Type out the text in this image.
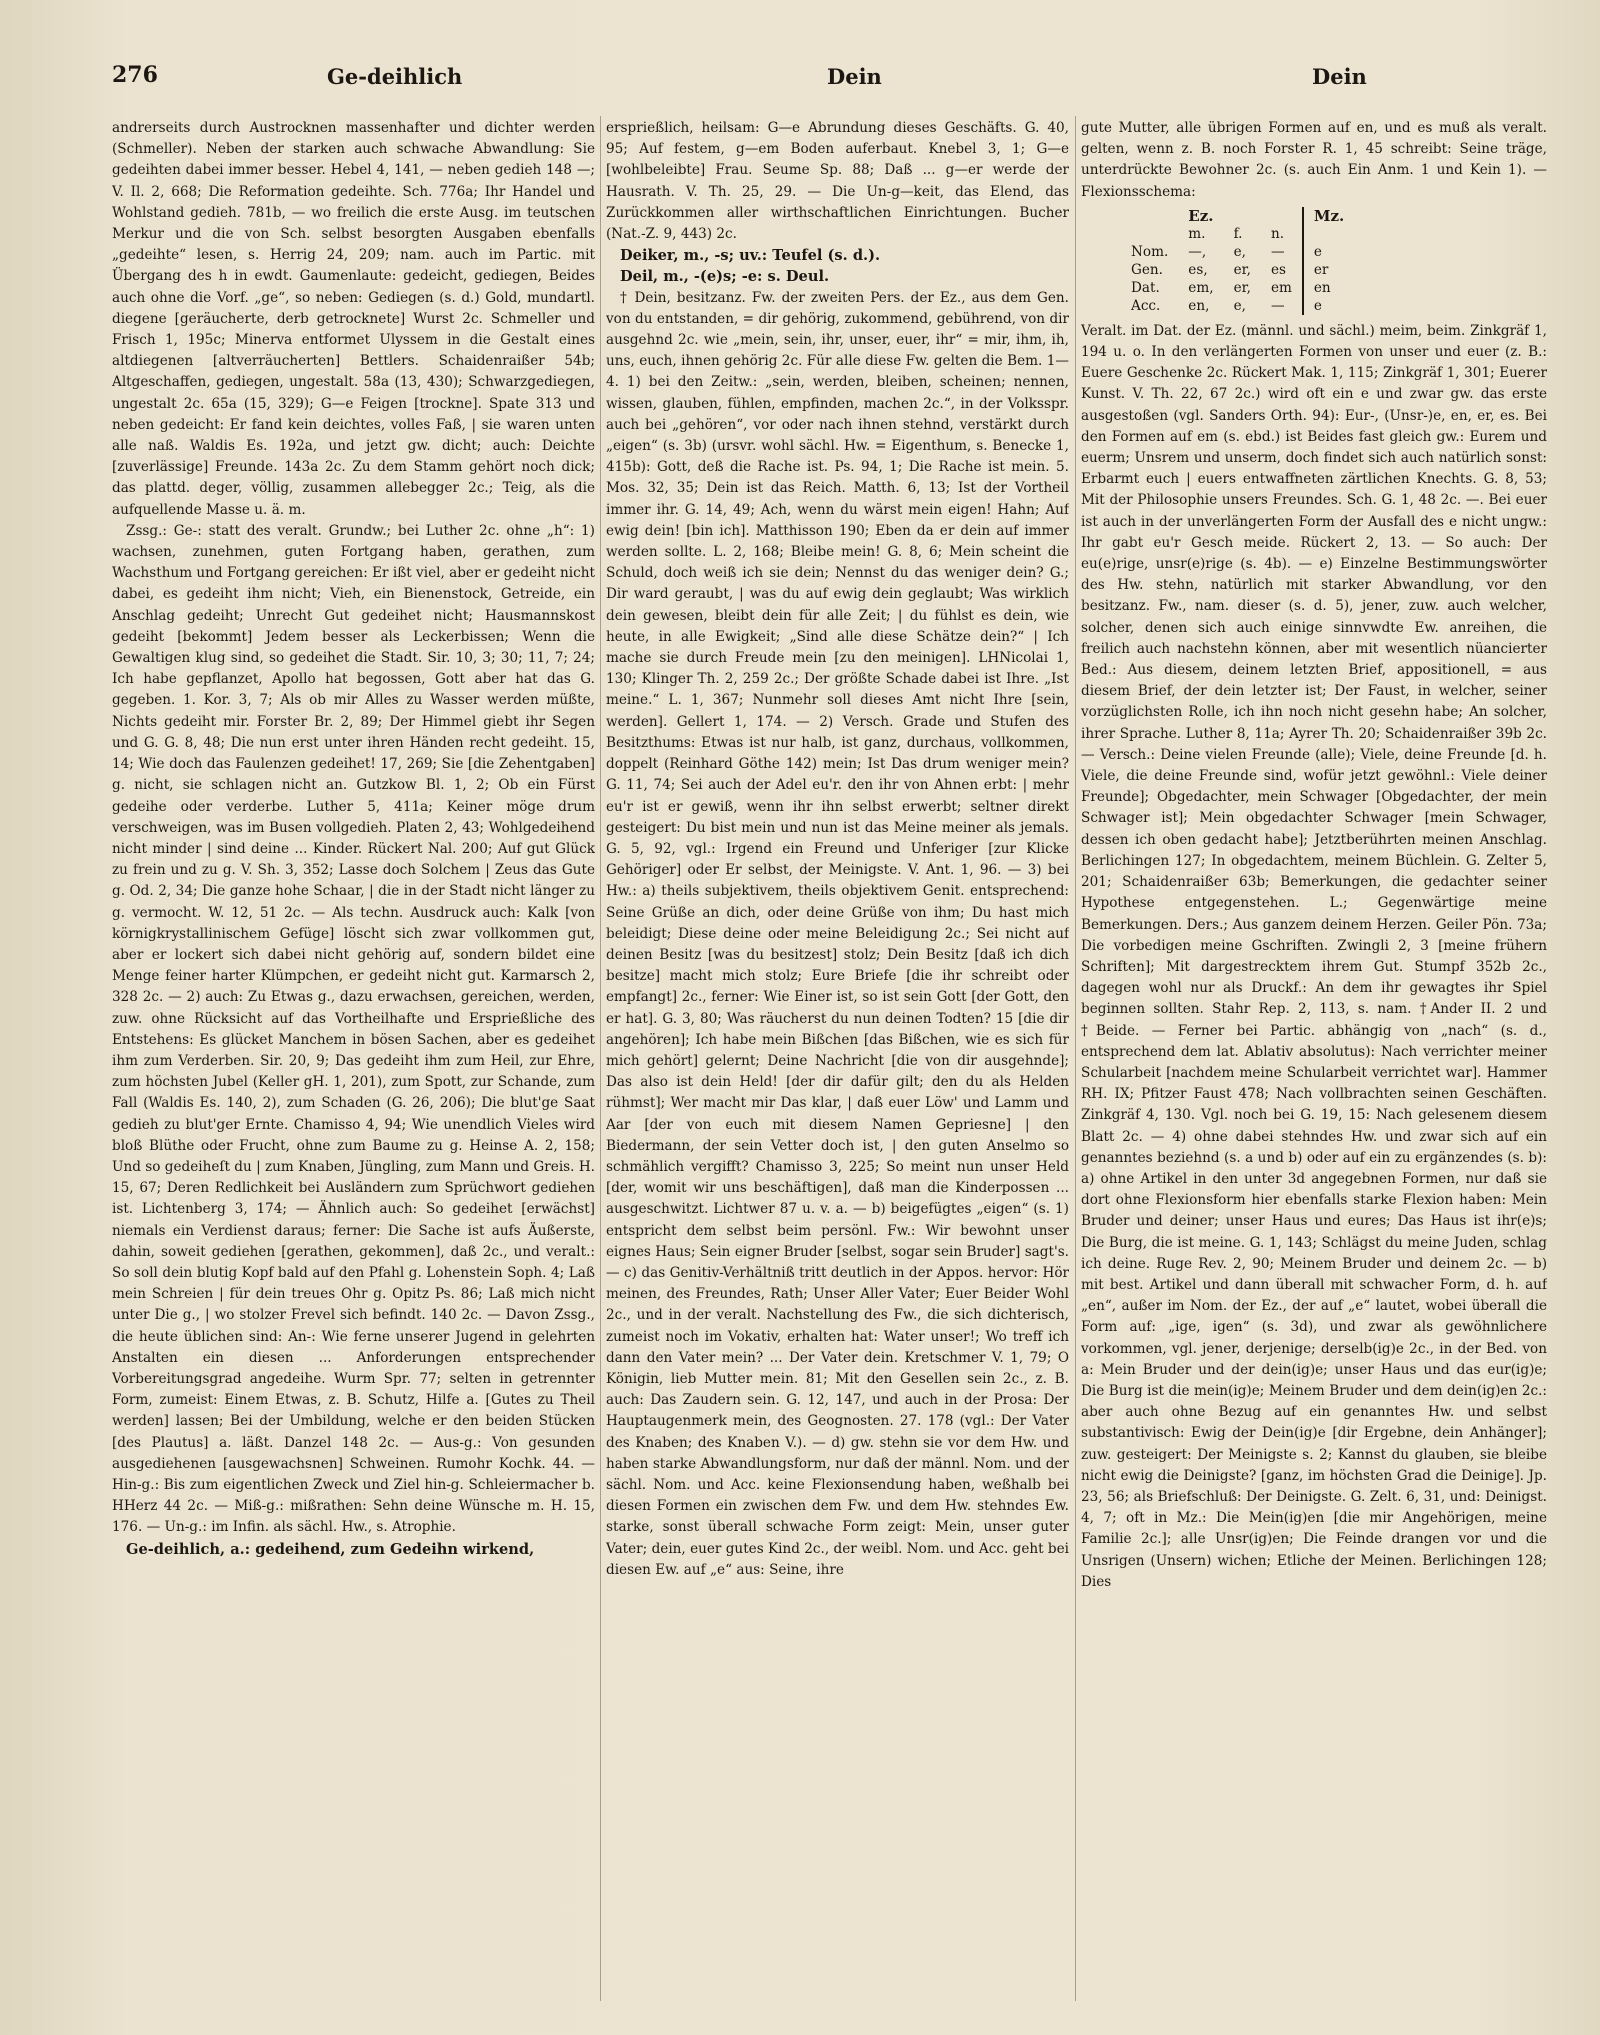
276	Ge-deihlich	Dein	Dein

andrerseits durch Austrocknen massenhafter und dichter werden (Schmeller). Neben der starken auch schwache Abwandlung: Sie gedeihten dabei immer besser. Hebel 4, 141, — neben gedieh 148 —; V. Il. 2, 668; Die Reformation gedeihte. Sch. 776a; Ihr Handel und Wohlstand gedieh. 781b, — wo freilich die erste Ausg. im teutschen Merkur und die von Sch. selbst besorgten Ausgaben ebenfalls „gedeihte“ lesen, s. Herrig 24, 209; nam. auch im Partic. mit Übergang des h in ewdt. Gaumenlaute: gedeicht, gediegen, Beides auch ohne die Vorf. „ge“, so neben: Gediegen (s. d.) Gold, mundartl. diegene [geräucherte, derb getrocknete] Wurst 2c. Schmeller und Frisch 1, 195c; Minerva entformet Ulyssem in die Gestalt eines altdiegenen [altverräucherten] Bettlers. Schaidenraißer 54b; Altgeschaffen, gediegen, ungestalt. 58a (13, 430); Schwarzgediegen, ungestalt 2c. 65a (15, 329); G—e Feigen [trockne]. Spate 313 und neben gedeicht: Er fand kein deichtes, volles Faß, | sie waren unten alle naß. Waldis Es. 192a, und jetzt gw. dicht; auch: Deichte [zuverlässige] Freunde. 143a 2c. Zu dem Stamm gehört noch dick; das plattd. deger, völlig, zusammen allebegger 2c.; Teig, als die aufquellende Masse u. ä. m.

Zssg.: Ge-: statt des veralt. Grundw.; bei Luther 2c. ohne „h“: 1) wachsen, zunehmen, guten Fortgang haben, gerathen, zum Wachsthum und Fortgang gereichen: Er ißt viel, aber er gedeiht nicht dabei, es gedeiht ihm nicht; Vieh, ein Bienenstock, Getreide, ein Anschlag gedeiht; Unrecht Gut gedeihet nicht; Hausmannskost gedeiht [bekommt] Jedem besser als Leckerbissen; Wenn die Gewaltigen klug sind, so gedeihet die Stadt. Sir. 10, 3; 30; 11, 7; 24; Ich habe gepflanzet, Apollo hat begossen, Gott aber hat das G. gegeben. 1. Kor. 3, 7; Als ob mir Alles zu Wasser werden müßte, Nichts gedeiht mir. Forster Br. 2, 89; Der Himmel giebt ihr Segen und G. G. 8, 48; Die nun erst unter ihren Händen recht gedeiht. 15, 14; Wie doch das Faulenzen gedeihet! 17, 269; Sie [die Zehentgaben] g. nicht, sie schlagen nicht an. Gutzkow Bl. 1, 2; Ob ein Fürst gedeihe oder verderbe. Luther 5, 411a; Keiner möge drum verschweigen, was im Busen vollgedieh. Platen 2, 43; Wohlgedeihend nicht minder | sind deine ... Kinder. Rückert Nal. 200; Auf gut Glück zu frein und zu g. V. Sh. 3, 352; Lasse doch Solchem | Zeus das Gute g. Od. 2, 34; Die ganze hohe Schaar, | die in der Stadt nicht länger zu g. vermocht. W. 12, 51 2c. — Als techn. Ausdruck auch: Kalk [von körnigkrystallinischem Gefüge] löscht sich zwar vollkommen gut, aber er lockert sich dabei nicht gehörig auf, sondern bildet eine Menge feiner harter Klümpchen, er gedeiht nicht gut. Karmarsch 2, 328 2c. — 2) auch: Zu Etwas g., dazu erwachsen, gereichen, werden, zuw. ohne Rücksicht auf das Vortheilhafte und Ersprießliche des Entstehens: Es glücket Manchem in bösen Sachen, aber es gedeihet ihm zum Verderben. Sir. 20, 9; Das gedeiht ihm zum Heil, zur Ehre, zum höchsten Jubel (Keller gH. 1, 201), zum Spott, zur Schande, zum Fall (Waldis Es. 140, 2), zum Schaden (G. 26, 206); Die blut'ge Saat gedieh zu blut'ger Ernte. Chamisso 4, 94; Wie unendlich Vieles wird bloß Blüthe oder Frucht, ohne zum Baume zu g. Heinse A. 2, 158; Und so gedeiheſt du | zum Knaben, Jüngling, zum Mann und Greis. H. 15, 67; Deren Redlichkeit bei Ausländern zum Sprüchwort gediehen ist. Lichtenberg 3, 174; — Ähnlich auch: So gedeihet [erwächst] niemals ein Verdienst daraus; ferner: Die Sache ist aufs Äußerste, dahin, soweit gediehen [gerathen, gekommen], daß 2c., und veralt.: So soll dein blutig Kopf bald auf den Pfahl g. Lohenstein Soph. 4; Laß mein Schreien | für dein treues Ohr g. Opitz Ps. 86; Laß mich nicht unter Die g., | wo stolzer Frevel sich befindt. 140 2c. — Davon Zssg., die heute üblichen sind: An-: Wie ferne unserer Jugend in gelehrten Anstalten ein diesen ... Anforderungen entsprechender Vorbereitungsgrad angedeihe. Wurm Spr. 77; selten in getrennter Form, zumeist: Einem Etwas, z. B. Schutz, Hilfe a. [Gutes zu Theil werden] lassen; Bei der Umbildung, welche er den beiden Stücken [des Plautus] a. läßt. Danzel 148 2c. — Aus-g.: Von gesunden ausgediehenen [ausgewachsnen] Schweinen. Rumohr Kochk. 44. — Hin-g.: Bis zum eigentlichen Zweck und Ziel hin-g. Schleiermacher b. HHerz 44 2c. — Miß-g.: mißrathen: Sehn deine Wünsche m. H. 15, 176. — Un-g.: im Infin. als sächl. Hw., s. Atrophie.

Ge-deihlich, a.: gedeihend, zum Gedeihn wirkend,

ersprießlich, heilsam: G—e Abrundung dieses Geschäfts. G. 40, 95; Auf festem, g—em Boden auferbaut. Knebel 3, 1; G—e [wohlbeleibte] Frau. Seume Sp. 88; Daß ... g—er werde der Hausrath. V. Th. 25, 29. — Die Un-g—keit, das Elend, das Zurückkommen aller wirthschaftlichen Einrichtungen. Bucher (Nat.-Z. 9, 443) 2c.

Deiker, m., -s; uv.: Teufel (s. d.).

Deil, m., -(e)s; -e: s. Deul.

† Dein, besitzanz. Fw. der zweiten Pers. der Ez., aus dem Gen. von du entstanden, = dir gehörig, zukommend, gebührend, von dir ausgehnd 2c. wie „mein, sein, ihr, unser, euer, ihr“ = mir, ihm, ih, uns, euch, ihnen gehörig 2c. Für alle diese Fw. gelten die Bem. 1—4. 1) bei den Zeitw.: „sein, werden, bleiben, scheinen; nennen, wissen, glauben, fühlen, empfinden, machen 2c.“, in der Volksspr. auch bei „gehören“, vor oder nach ihnen stehnd, verstärkt durch „eigen“ (s. 3b) (ursvr. wohl sächl. Hw. = Eigenthum, s. Benecke 1, 415b): Gott, deß die Rache ist. Ps. 94, 1; Die Rache ist mein. 5. Mos. 32, 35; Dein ist das Reich. Matth. 6, 13; Ist der Vortheil immer ihr. G. 14, 49; Ach, wenn du wärst mein eigen! Hahn; Auf ewig dein! [bin ich]. Matthisson 190; Eben da er dein auf immer werden sollte. L. 2, 168; Bleibe mein! G. 8, 6; Mein scheint die Schuld, doch weiß ich sie dein; Nennst du das weniger dein? G.; Dir ward geraubt, | was du auf ewig dein geglaubt; Was wirklich dein gewesen, bleibt dein für alle Zeit; | du fühlst es dein, wie heute, in alle Ewigkeit; „Sind alle diese Schätze dein?“ | Ich mache sie durch Freude mein [zu den meinigen]. LHNicolai 1, 130; Klinger Th. 2, 259 2c.; Der größte Schade dabei ist Ihre. „Ist meine.“ L. 1, 367; Nunmehr soll dieses Amt nicht Ihre [sein, werden]. Gellert 1, 174. — 2) Versch. Grade und Stufen des Besitzthums: Etwas ist nur halb, ist ganz, durchaus, vollkommen, doppelt (Reinhard Göthe 142) mein; Ist Das drum weniger mein? G. 11, 74; Sei auch der Adel eu'r. den ihr von Ahnen erbt: | mehr eu'r ist er gewiß, wenn ihr ihn selbst erwerbt; seltner direkt gesteigert: Du bist mein und nun ist das Meine meiner als jemals. G. 5, 92, vgl.: Irgend ein Freund und Unferiger [zur Klicke Gehöriger] oder Er selbst, der Meinigste. V. Ant. 1, 96. — 3) bei Hw.: a) theils subjektivem, theils objektivem Genit. entsprechend: Seine Grüße an dich, oder deine Grüße von ihm; Du hast mich beleidigt; Diese deine oder meine Beleidigung 2c.; Sei nicht auf deinen Besitz [was du besitzest] stolz; Dein Besitz [daß ich dich besitze] macht mich stolz; Eure Briefe [die ihr schreibt oder empfangt] 2c., ferner: Wie Einer ist, so ist sein Gott [der Gott, den er hat]. G. 3, 80; Was räucherst du nun deinen Todten? 15 [die dir angehören]; Ich habe mein Bißchen [das Bißchen, wie es sich für mich gehört] gelernt; Deine Nachricht [die von dir ausgehnde]; Das also ist dein Held! [der dir dafür gilt; den du als Helden rühmst]; Wer macht mir Das klar, | daß euer Löw' und Lamm und Aar [der von euch mit diesem Namen Gepriesne] | den Biedermann, der sein Vetter doch ist, | den guten Anselmo so schmählich vergifft? Chamisso 3, 225; So meint nun unser Held [der, womit wir uns beschäftigen], daß man die Kinderpossen ... ausgeschwitzt. Lichtwer 87 u. v. a. — b) beigefügtes „eigen“ (s. 1) entspricht dem selbst beim persönl. Fw.: Wir bewohnt unser eignes Haus; Sein eigner Bruder [selbst, sogar sein Bruder] sagt's. — c) das Genitiv-Verhältniß tritt deutlich in der Appos. hervor: Hör meinen, des Freundes, Rath; Unser Aller Vater; Euer Beider Wohl 2c., und in der veralt. Nachstellung des Fw., die sich dichterisch, zumeist noch im Vokativ, erhalten hat: Water unser!; Wo treff ich dann den Vater mein? ... Der Vater dein. Kretschmer V. 1, 79; O Königin, lieb Mutter mein. 81; Mit den Gesellen sein 2c., z. B. auch: Das Zaudern sein. G. 12, 147, und auch in der Prosa: Der Hauptaugenmerk mein, des Geognosten. 27. 178 (vgl.: Der Vater des Knaben; des Knaben V.). — d) gw. stehn sie vor dem Hw. und haben starke Abwandlungsform, nur daß der männl. Nom. und der sächl. Nom. und Acc. keine Flexionsendung haben, weßhalb bei diesen Formen ein zwischen dem Fw. und dem Hw. stehndes Ew. starke, sonst überall schwache Form zeigt: Mein, unser guter Vater; dein, euer gutes Kind 2c., der weibl. Nom. und Acc. geht bei diesen Ew. auf „e“ aus: Seine, ihre

gute Mutter, alle übrigen Formen auf en, und es muß als veralt. gelten, wenn z. B. noch Forster R. 1, 45 schreibt: Seine träge, unterdrückte Bewohner 2c. (s. auch Ein Anm. 1 und Kein 1). — Flexionsschema:

	Ez.			Mz.
	m.	f.	n.	
Nom.	—,	e,	—	e
Gen.	es,	er,	es	er
Dat.	em,	er,	em	en
Acc.	en,	e,	—	e

Veralt. im Dat. der Ez. (männl. und sächl.) meim, beim. Zinkgräf 1, 194 u. o. In den verlängerten Formen von unser und euer (z. B.: Euere Geschenke 2c. Rückert Mak. 1, 115; Zinkgräf 1, 301; Euerer Kunst. V. Th. 22, 67 2c.) wird oft ein e und zwar gw. das erste ausgestoßen (vgl. Sanders Orth. 94): Eur-, (Unsr-)e, en, er, es. Bei den Formen auf em (s. ebd.) ist Beides fast gleich gw.: Eurem und euerm; Unsrem und unserm, doch findet sich auch natürlich sonst: Erbarmt euch | euers entwaffneten zärtlichen Knechts. G. 8, 53; Mit der Philosophie unsers Freundes. Sch. G. 1, 48 2c. —. Bei euer ist auch in der unverlängerten Form der Ausfall des e nicht ungw.: Ihr gabt eu'r Gesch meide. Rückert 2, 13. — So auch: Der eu(e)rige, unsr(e)rige (s. 4b). — e) Einzelne Bestimmungswörter des Hw. stehn, natürlich mit starker Abwandlung, vor den besitzanz. Fw., nam. dieser (s. d. 5), jener, zuw. auch welcher, solcher, denen sich auch einige sinnvwdte Ew. anreihen, die freilich auch nachstehn können, aber mit wesentlich nüancierter Bed.: Aus diesem, deinem letzten Brief, appositionell, = aus diesem Brief, der dein letzter ist; Der Faust, in welcher, seiner vorzüglichsten Rolle, ich ihn noch nicht gesehn habe; An solcher, ihrer Sprache. Luther 8, 11a; Ayrer Th. 20; Schaidenraißer 39b 2c. — Versch.: Deine vielen Freunde (alle); Viele, deine Freunde [d. h. Viele, die deine Freunde sind, wofür jetzt gewöhnl.: Viele deiner Freunde]; Obgedachter, mein Schwager [Obgedachter, der mein Schwager ist]; Mein obgedachter Schwager [mein Schwager, dessen ich oben gedacht habe]; Jetztberührten meinen Anschlag. Berlichingen 127; In obgedachtem, meinem Büchlein. G. Zelter 5, 201; Schaidenraißer 63b; Bemerkungen, die gedachter seiner Hypothese entgegenstehen. L.; Gegenwärtige meine Bemerkungen. Ders.; Aus ganzem deinem Herzen. Geiler Pön. 73a; Die vorbedigen meine Gschriften. Zwingli 2, 3 [meine frühern Schriften]; Mit dargestrecktem ihrem Gut. Stumpf 352b 2c., dagegen wohl nur als Druckf.: An dem ihr gewagtes ihr Spiel beginnen sollten. Stahr Rep. 2, 113, s. nam. †Ander II. 2 und †Beide. — Ferner bei Partic. abhängig von „nach“ (s. d., entsprechend dem lat. Ablativ absolutus): Nach verrichter meiner Schularbeit [nachdem meine Schularbeit verrichtet war]. Hammer RH. IX; Pfitzer Faust 478; Nach vollbrachten seinen Geschäften. Zinkgräf 4, 130. Vgl. noch bei G. 19, 15: Nach gelesenem diesem Blatt 2c. — 4) ohne dabei stehndes Hw. und zwar sich auf ein genanntes beziehnd (s. a und b) oder auf ein zu ergänzendes (s. b): a) ohne Artikel in den unter 3d angegebnen Formen, nur daß sie dort ohne Flexionsform hier ebenfalls starke Flexion haben: Mein Bruder und deiner; unser Haus und eures; Das Haus ist ihr(e)s; Die Burg, die ist meine. G. 1, 143; Schlägst du meine Juden, schlag ich deine. Ruge Rev. 2, 90; Meinem Bruder und deinem 2c. — b) mit best. Artikel und dann überall mit schwacher Form, d. h. auf „en“, außer im Nom. der Ez., der auf „e“ lautet, wobei überall die Form auf: „ige, igen“ (s. 3d), und zwar als gewöhnlichere vorkommen, vgl. jener, derjenige; derselb(ig)e 2c., in der Bed. von a: Mein Bruder und der dein(ig)e; unser Haus und das eur(ig)e; Die Burg ist die mein(ig)e; Meinem Bruder und dem dein(ig)en 2c.: aber auch ohne Bezug auf ein genanntes Hw. und selbst substantivisch: Ewig der Dein(ig)e [dir Ergebne, dein Anhänger]; zuw. gesteigert: Der Meinigste s. 2; Kannst du glauben, sie bleibe nicht ewig die Deinigste? [ganz, im höchsten Grad die Deinige]. Jp. 23, 56; als Briefschluß: Der Deinigste. G. Zelt. 6, 31, und: Deinigst. 4, 7; oft in Mz.: Die Mein(ig)en [die mir Angehörigen, meine Familie 2c.]; alle Unsr(ig)en; Die Feinde drangen vor und die Unsrigen (Unsern) wichen; Etliche der Meinen. Berlichingen 128; Dies
